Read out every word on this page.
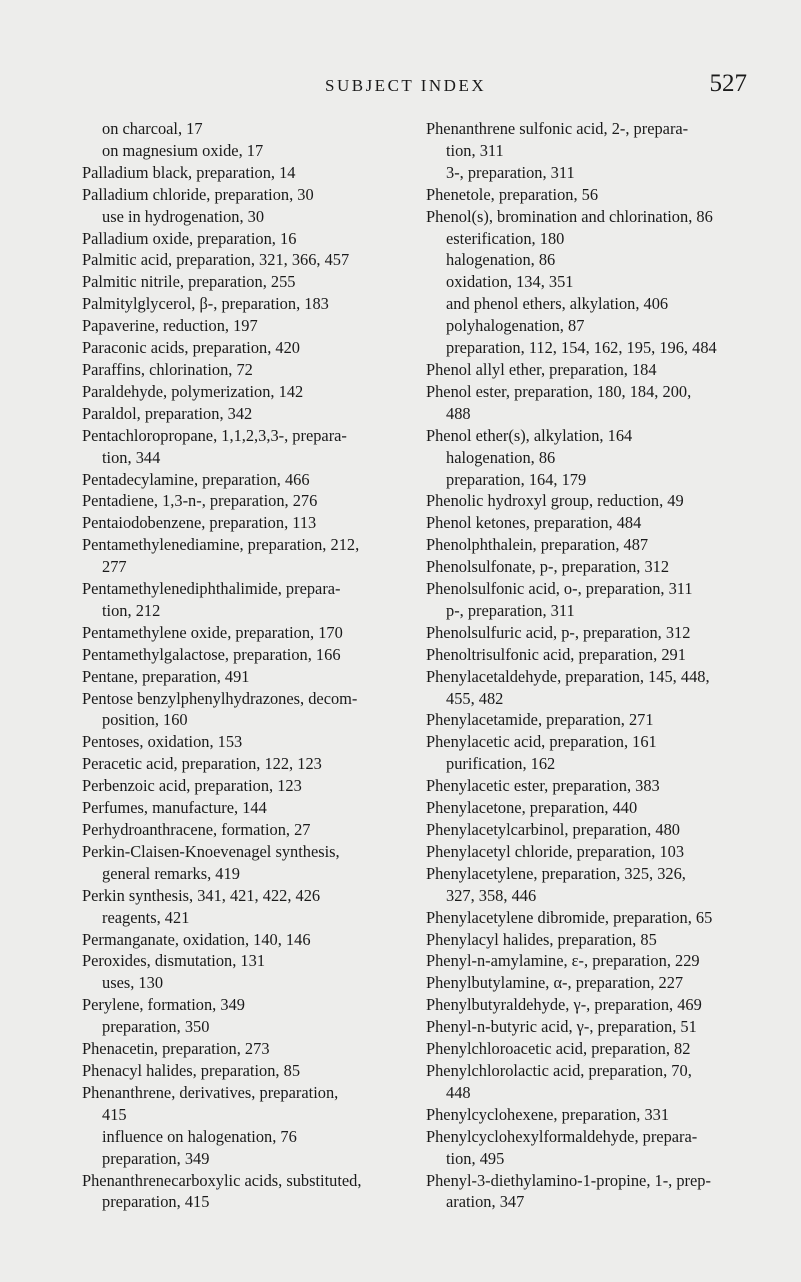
SUBJECT INDEX	527
on charcoal, 17
on magnesium oxide, 17
Palladium black, preparation, 14
Palladium chloride, preparation, 30
use in hydrogenation, 30
Palladium oxide, preparation, 16
Palmitic acid, preparation, 321, 366, 457
Palmitic nitrile, preparation, 255
Palmitylglycerol, β-, preparation, 183
Papaverine, reduction, 197
Paraconic acids, preparation, 420
Paraffins, chlorination, 72
Paraldehyde, polymerization, 142
Paraldol, preparation, 342
Pentachloropropane, 1,1,2,3,3-, prepara-
tion, 344
Pentadecylamine, preparation, 466
Pentadiene, 1,3-n-, preparation, 276
Pentaiodobenzene, preparation, 113
Pentamethylenediamine, preparation, 212,
277
Pentamethylenediphthalimide, prepara-
tion, 212
Pentamethylene oxide, preparation, 170
Pentamethylgalactose, preparation, 166
Pentane, preparation, 491
Pentose benzylphenylhydrazones, decom-
position, 160
Pentoses, oxidation, 153
Peracetic acid, preparation, 122, 123
Perbenzoic acid, preparation, 123
Perfumes, manufacture, 144
Perhydroanthracene, formation, 27
Perkin-Claisen-Knoevenagel synthesis,
general remarks, 419
Perkin synthesis, 341, 421, 422, 426
reagents, 421
Permanganate, oxidation, 140, 146
Peroxides, dismutation, 131
uses, 130
Perylene, formation, 349
preparation, 350
Phenacetin, preparation, 273
Phenacyl halides, preparation, 85
Phenanthrene, derivatives, preparation,
415
influence on halogenation, 76
preparation, 349
Phenanthrenecarboxylic acids, substituted,
preparation, 415
Phenanthrene sulfonic acid, 2-, prepara-
tion, 311
3-, preparation, 311
Phenetole, preparation, 56
Phenol(s), bromination and chlorination, 86
esterification, 180
halogenation, 86
oxidation, 134, 351
and phenol ethers, alkylation, 406
polyhalogenation, 87
preparation, 112, 154, 162, 195, 196, 484
Phenol allyl ether, preparation, 184
Phenol ester, preparation, 180, 184, 200,
488
Phenol ether(s), alkylation, 164
halogenation, 86
preparation, 164, 179
Phenolic hydroxyl group, reduction, 49
Phenol ketones, preparation, 484
Phenolphthalein, preparation, 487
Phenolsulfonate, p-, preparation, 312
Phenolsulfonic acid, o-, preparation, 311
p-, preparation, 311
Phenolsulfuric acid, p-, preparation, 312
Phenoltrisulfonic acid, preparation, 291
Phenylacetaldehyde, preparation, 145, 448,
455, 482
Phenylacetamide, preparation, 271
Phenylacetic acid, preparation, 161
purification, 162
Phenylacetic ester, preparation, 383
Phenylacetone, preparation, 440
Phenylacetylcarbinol, preparation, 480
Phenylacetyl chloride, preparation, 103
Phenylacetylene, preparation, 325, 326,
327, 358, 446
Phenylacetylene dibromide, preparation, 65
Phenylacyl halides, preparation, 85
Phenyl-n-amylamine, ε-, preparation, 229
Phenylbutylamine, α-, preparation, 227
Phenylbutyraldehyde, γ-, preparation, 469
Phenyl-n-butyric acid, γ-, preparation, 51
Phenylchloroacetic acid, preparation, 82
Phenylchlorolactic acid, preparation, 70,
448
Phenylcyclohexene, preparation, 331
Phenylcyclohexylformaldehyde, prepara-
tion, 495
Phenyl-3-diethylamino-1-propine, 1-, prep-
aration, 347
